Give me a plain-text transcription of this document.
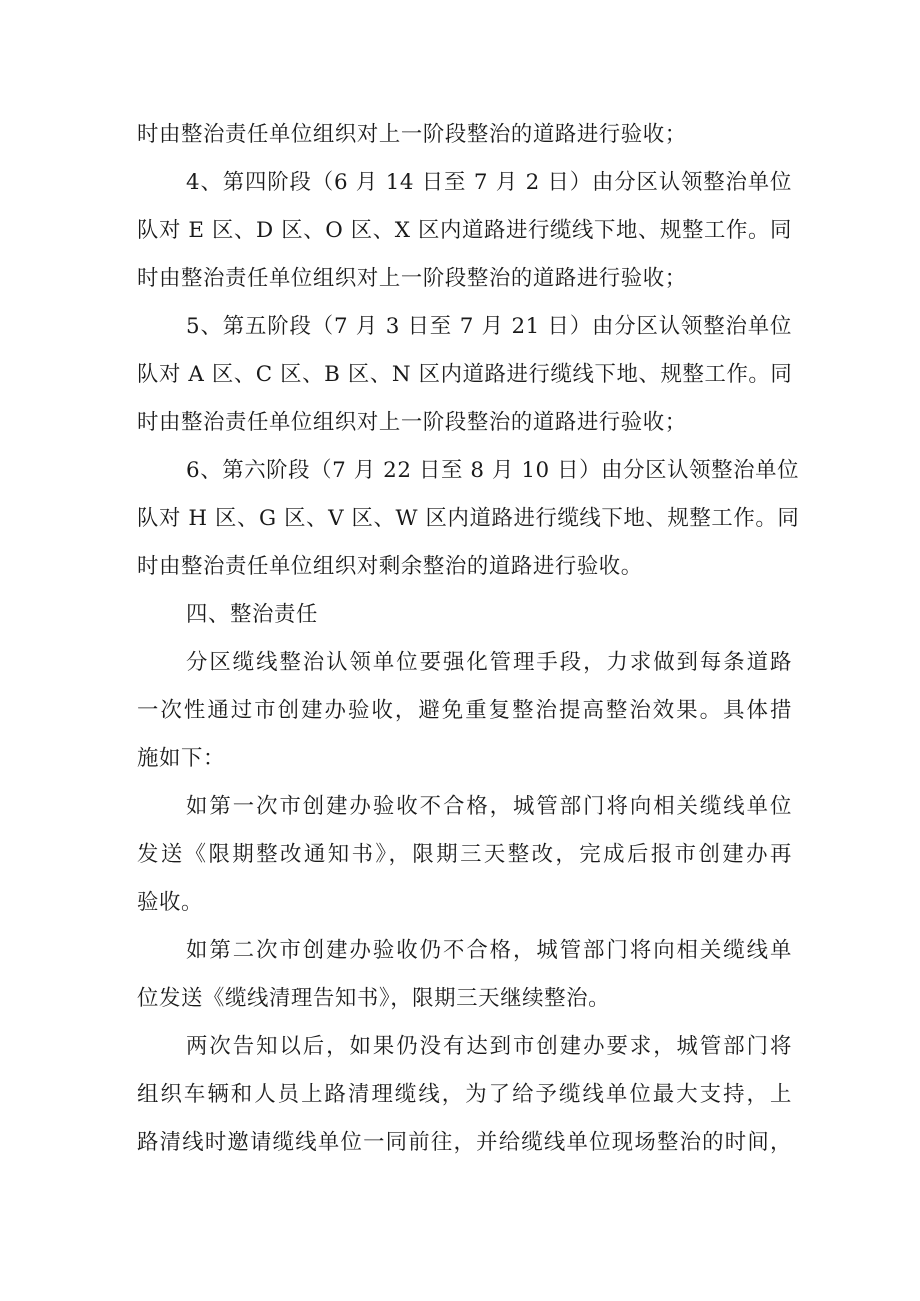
时由整治责任单位组织对上一阶段整治的道路进行验收；
4、第四阶段（6 月 14 日至 7 月 2 日）由分区认领整治单位
队对 E 区、D 区、O 区、X 区内道路进行缆线下地、规整工作。同
时由整治责任单位组织对上一阶段整治的道路进行验收；
5、第五阶段（7 月 3 日至 7 月 21 日）由分区认领整治单位
队对 A 区、C 区、B 区、N 区内道路进行缆线下地、规整工作。同
时由整治责任单位组织对上一阶段整治的道路进行验收；
6、第六阶段（7 月 22 日至 8 月 10 日）由分区认领整治单位
队对 H 区、G 区、V 区、W 区内道路进行缆线下地、规整工作。同
时由整治责任单位组织对剩余整治的道路进行验收。
四、整治责任
分区缆线整治认领单位要强化管理手段，力求做到每条道路
一次性通过市创建办验收，避免重复整治提高整治效果。具体措
施如下：
如第一次市创建办验收不合格，城管部门将向相关缆线单位
发送《限期整改通知书》，限期三天整改，完成后报市创建办再
验收。
如第二次市创建办验收仍不合格，城管部门将向相关缆线单
位发送《缆线清理告知书》，限期三天继续整治。
两次告知以后，如果仍没有达到市创建办要求，城管部门将
组织车辆和人员上路清理缆线，为了给予缆线单位最大支持，上
路清线时邀请缆线单位一同前往，并给缆线单位现场整治的时间，
